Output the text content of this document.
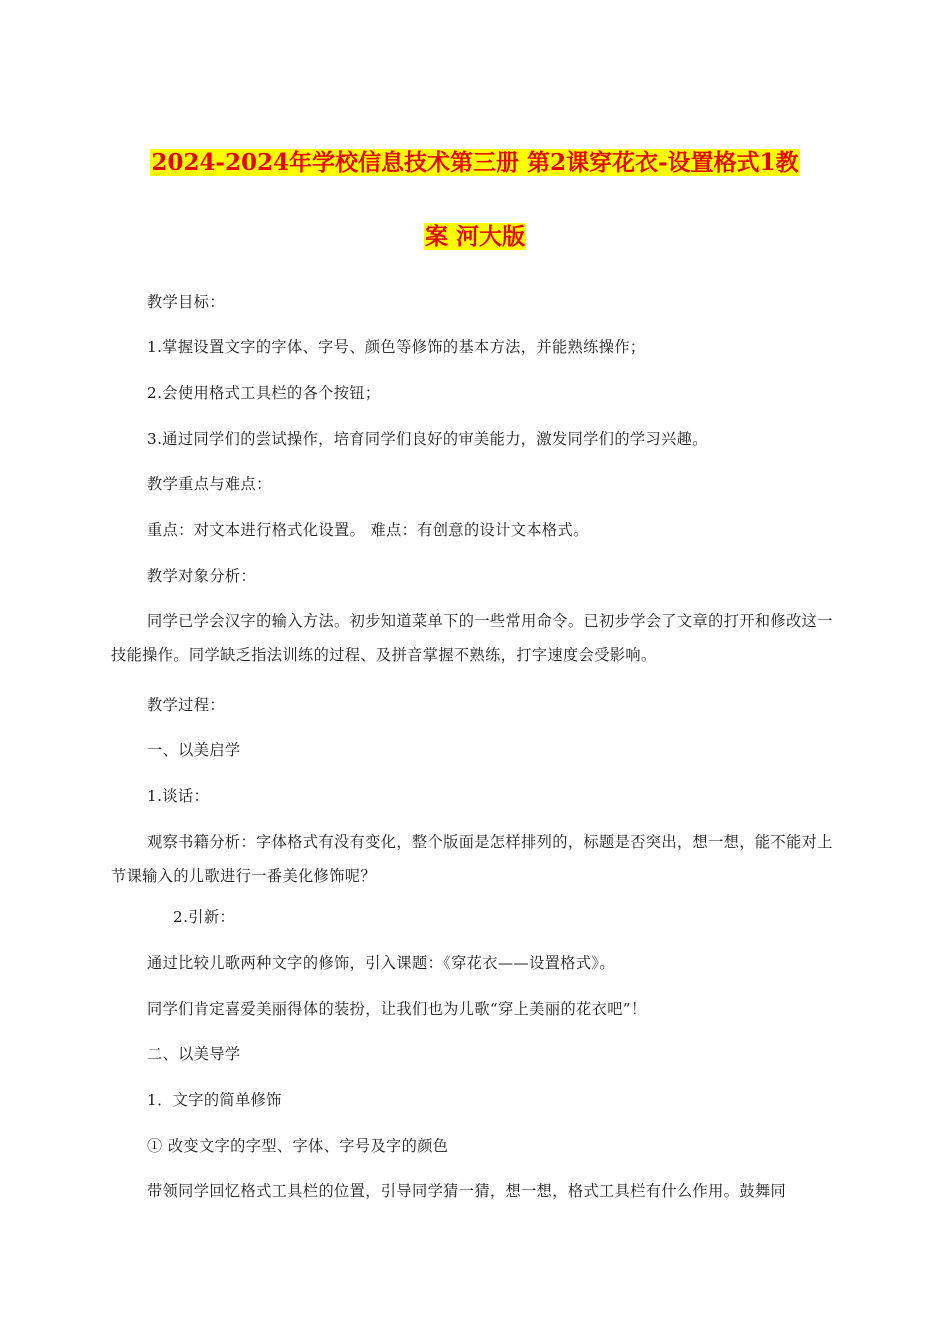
2024-2024年学校信息技术第三册 第2课穿花衣-设置格式1教
案 河大版
教学目标：
1.掌握设置文字的字体、字号、颜色等修饰的基本方法，并能熟练操作；
2.会使用格式工具栏的各个按钮；
3.通过同学们的尝试操作，培育同学们良好的审美能力，激发同学们的学习兴趣。
教学重点与难点：
重点：对文本进行格式化设置。 难点：有创意的设计文本格式。
教学对象分析：
同学已学会汉字的输入方法。初步知道菜单下的一些常用命令。已初步学会了文章的打开和修改这一技能操作。同学缺乏指法训练的过程、及拼音掌握不熟练，打字速度会受影响。
教学过程：
一、以美启学
1.谈话：
观察书籍分析：字体格式有没有变化，整个版面是怎样排列的，标题是否突出，想一想，能不能对上节课输入的儿歌进行一番美化修饰呢？
2.引新：
通过比较儿歌两种文字的修饰，引入课题：《穿花衣——设置格式》。
同学们肯定喜爱美丽得体的装扮，让我们也为儿歌“穿上美丽的花衣吧”！
二、以美导学
1．文字的简单修饰
① 改变文字的字型、字体、字号及字的颜色
带领同学回忆格式工具栏的位置，引导同学猜一猜，想一想，格式工具栏有什么作用。鼓舞同
